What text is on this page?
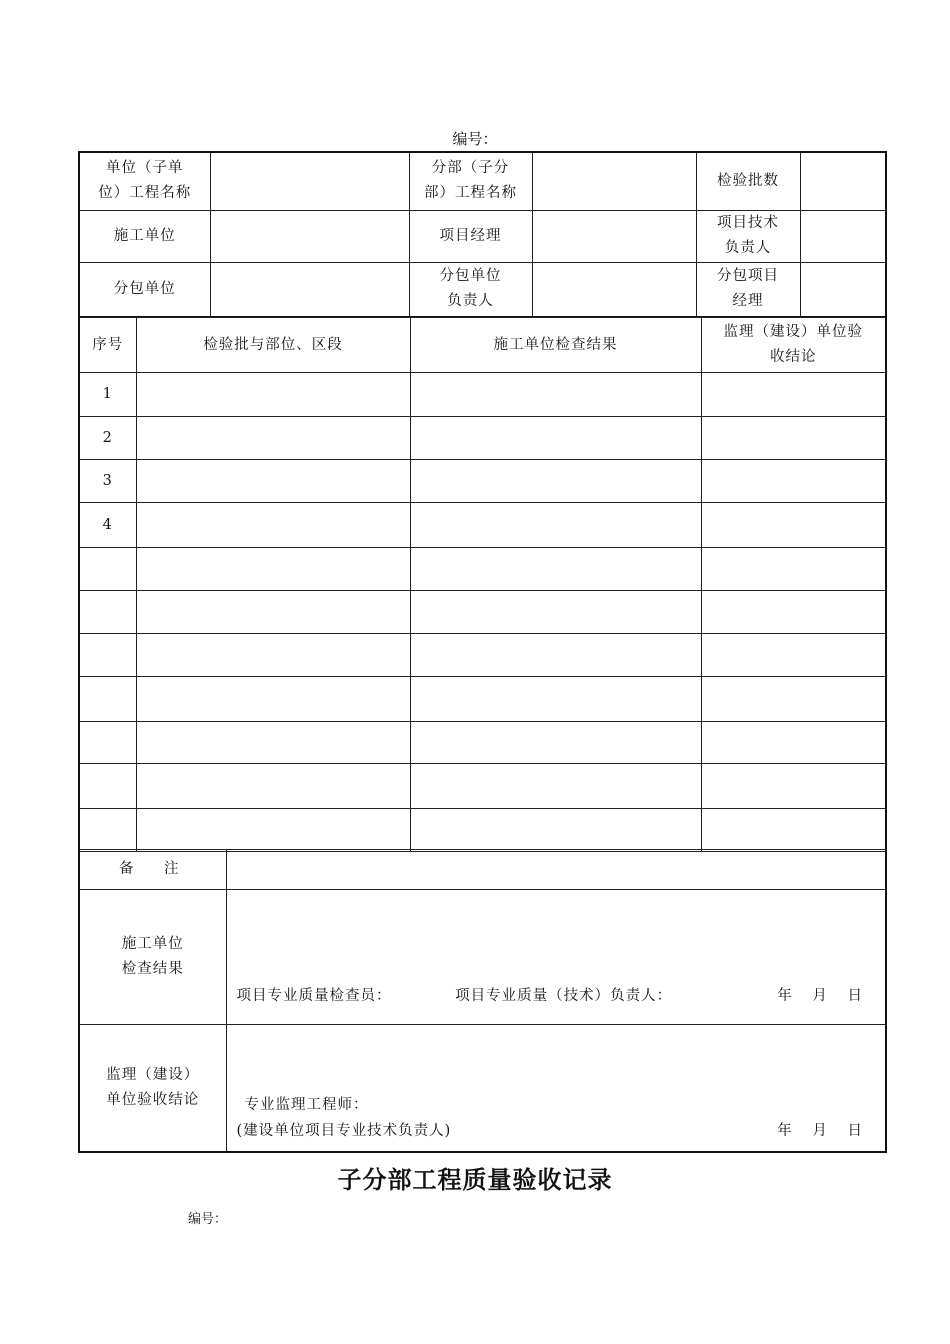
编号：
单位（子单位）工程名称		分部（子分部）工程名称		检验批数	
施工单位		项目经理		项目技术负责人	

分包单位		分包单位负责人		分包项目经理	

序号	检验批与部位、区段	施工单位检查结果	监理（建设）单位验收结论

1			
2			
3			
4			

备　注	

施工单位检查结果	项目专业质量检查员： 项目专业质量（技术）负责人： 年 月 日

监理（建设）单位验收结论	专业监理工程师：
(建设单位项目专业技术负责人) 年 月 日
子分部工程质量验收记录
编号：
